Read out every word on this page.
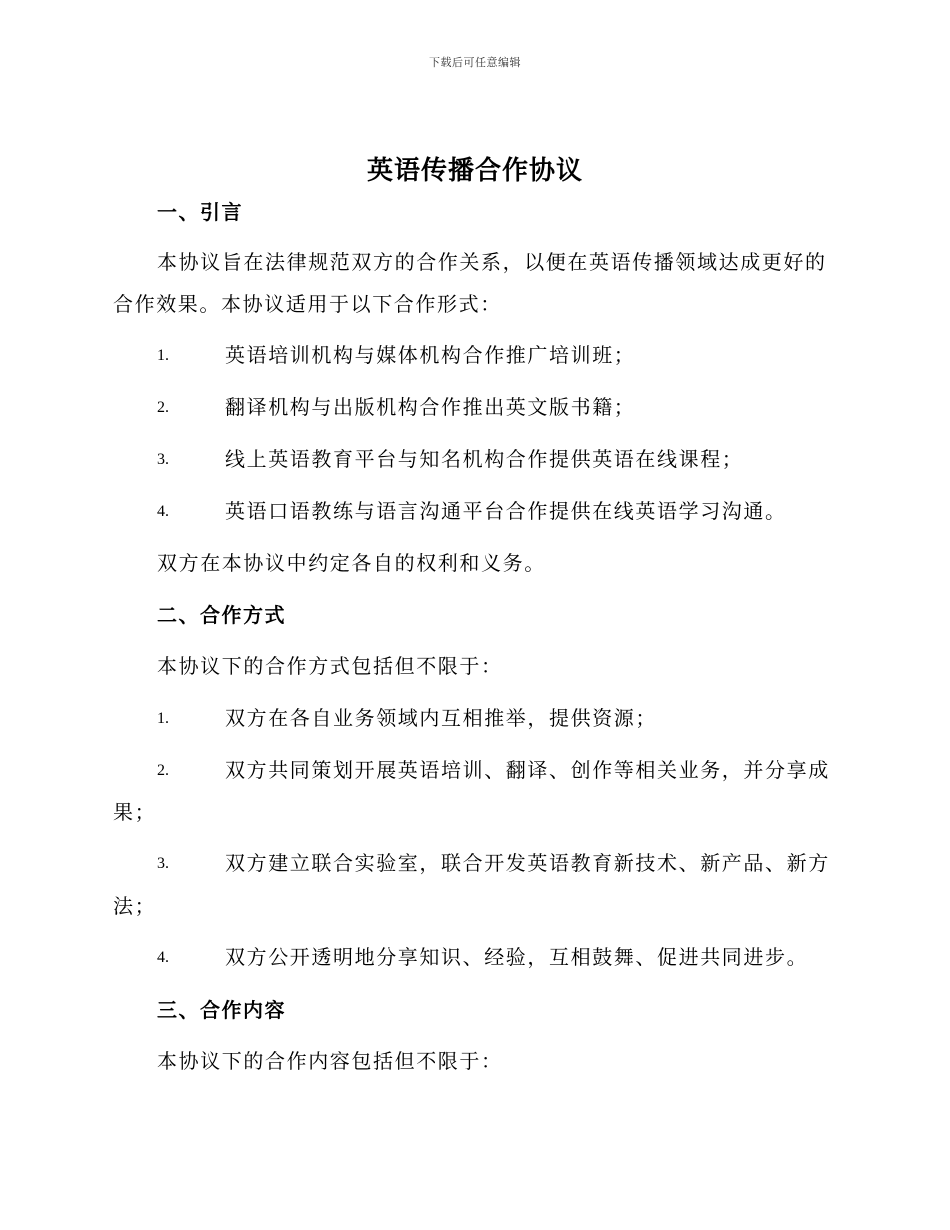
下载后可任意编辑
英语传播合作协议
一、引言
本协议旨在法律规范双方的合作关系，以便在英语传播领域达成更好的
合作效果。本协议适用于以下合作形式：
1.	英语培训机构与媒体机构合作推广培训班；
2.	翻译机构与出版机构合作推出英文版书籍；
3.	线上英语教育平台与知名机构合作提供英语在线课程；
4.	英语口语教练与语言沟通平台合作提供在线英语学习沟通。
双方在本协议中约定各自的权利和义务。
二、合作方式
本协议下的合作方式包括但不限于：
1.	双方在各自业务领域内互相推举，提供资源；
2.	双方共同策划开展英语培训、翻译、创作等相关业务，并分享成
果；
3.	双方建立联合实验室，联合开发英语教育新技术、新产品、新方
法；
4.	双方公开透明地分享知识、经验，互相鼓舞、促进共同进步。
三、合作内容
本协议下的合作内容包括但不限于：
